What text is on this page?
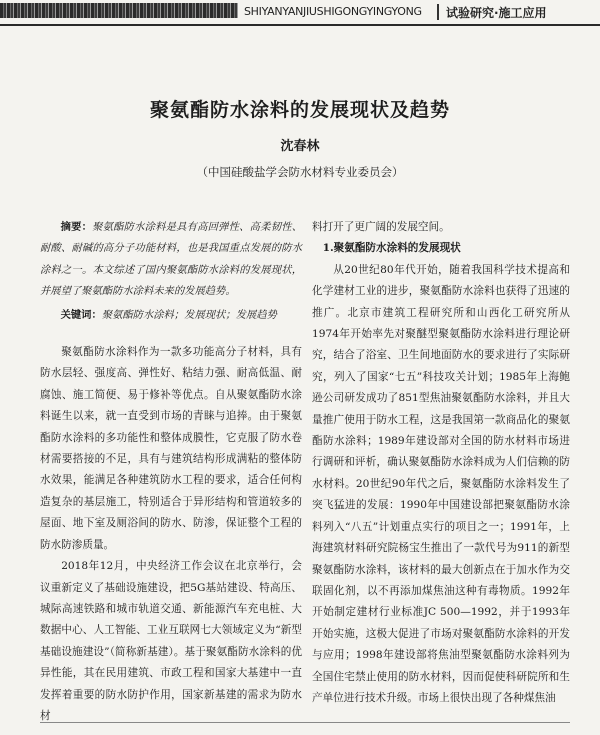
SHIYANYANJIUSHIGONGYINGYONG 试验研究·施工应用
聚氨酯防水涂料的发展现状及趋势
沈春林
（中国硅酸盐学会防水材料专业委员会）

摘要：聚氨酯防水涂料是具有高回弹性、高柔韧性、耐酸、耐碱的高分子功能材料，也是我国重点发展的防水涂料之一。本文综述了国内聚氨酯防水涂料的发展现状，并展望了聚氨酯防水涂料未来的发展趋势。

关键词：聚氨酯防水涂料；发展现状；发展趋势

聚氨酯防水涂料作为一款多功能高分子材料，具有防水层轻、强度高、弹性好、粘结力强、耐高低温、耐腐蚀、施工简便、易于修补等优点。自从聚氨酯防水涂料诞生以来，就一直受到市场的青睐与追捧。由于聚氨酯防水涂料的多功能性和整体成膜性，它克服了防水卷材需要搭接的不足，具有与建筑结构形成满粘的整体防水效果，能满足各种建筑防水工程的要求，适合任何构造复杂的基层施工，特别适合于异形结构和管道较多的屋面、地下室及厕浴间的防水、防渗，保证整个工程的防水防渗质量。

2018年12月，中央经济工作会议在北京举行，会议重新定义了基础设施建设，把5G基站建设、特高压、城际高速铁路和城市轨道交通、新能源汽车充电桩、大数据中心、人工智能、工业互联网七大领域定义为“新型基础设施建设”（简称新基建）。基于聚氨酯防水涂料的优异性能，其在民用建筑、市政工程和国家大基建中一直发挥着重要的防水防护作用，国家新基建的需求为防水材

料打开了更广阔的发展空间。

1.聚氨酯防水涂料的发展现状

从20世纪80年代开始，随着我国科学技术提高和化学建材工业的进步，聚氨酯防水涂料也获得了迅速的推广。北京市建筑工程研究所和山西化工研究所从1974年开始率先对聚醚型聚氨酯防水涂料进行理论研究，结合了浴室、卫生间地面防水的要求进行了实际研究，列入了国家“七五”科技攻关计划；1985年上海鲍逊公司研发成功了851型焦油聚氨酯防水涂料，并且大量推广使用于防水工程，这是我国第一款商品化的聚氨酯防水涂料；1989年建设部对全国的防水材料市场进行调研和评析，确认聚氨酯防水涂料成为人们信赖的防水材料。20世纪90年代之后，聚氨酯防水涂料发生了突飞猛进的发展：1990年中国建设部把聚氨酯防水涂料列入“八五”计划重点实行的项目之一；1991年，上海建筑材料研究院杨宝生推出了一款代号为911的新型聚氨酯防水涂料，该材料的最大创新点在于加水作为交联固化剂，以不再添加煤焦油这种有毒物质。1992年开始制定建材行业标准JC 500—1992，并于1993年开始实施，这极大促进了市场对聚氨酯防水涂料的开发与应用；1998年建设部将焦油型聚氨酯防水涂料列为全国住宅禁止使用的防水材料，因而促使科研院所和生产单位进行技术升级。市场上很快出现了各种煤焦油
